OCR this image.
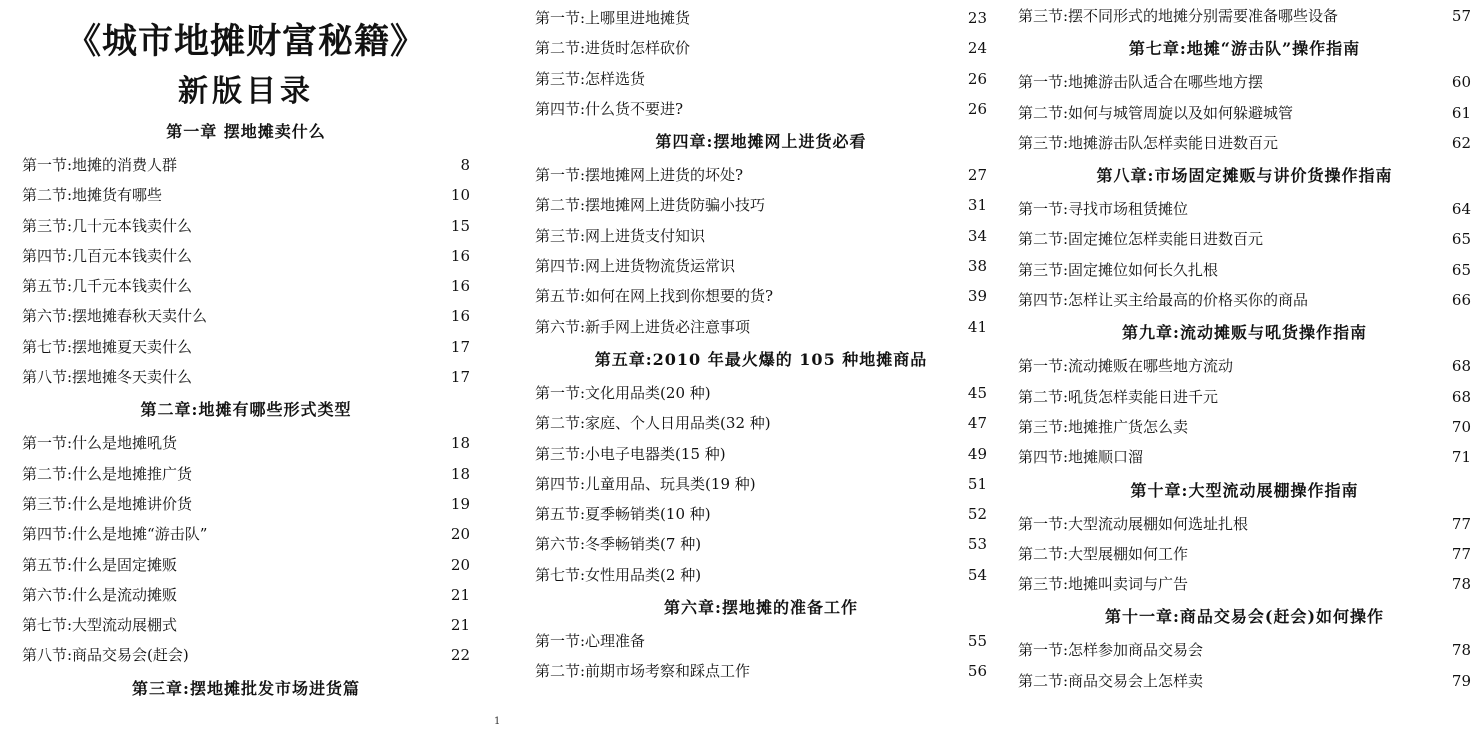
《城市地摊财富秘籍》
新版目录
第一章 摆地摊卖什么
第一节:地摊的消费人群	8
第二节:地摊货有哪些	10
第三节:几十元本钱卖什么	15
第四节:几百元本钱卖什么	16
第五节:几千元本钱卖什么	16
第六节:摆地摊春秋天卖什么	16
第七节:摆地摊夏天卖什么	17
第八节:摆地摊冬天卖什么	17
第二章:地摊有哪些形式类型
第一节:什么是地摊吼货	18
第二节:什么是地摊推广货	18
第三节:什么是地摊讲价货	19
第四节:什么是地摊“游击队”	20
第五节:什么是固定摊贩	20
第六节:什么是流动摊贩	21
第七节:大型流动展棚式	21
第八节:商品交易会(赶会)	22
第三章:摆地摊批发市场进货篇
第一节:上哪里进地摊货	23
第二节:进货时怎样砍价	24
第三节:怎样选货	26
第四节:什么货不要进?	26
第四章:摆地摊网上进货必看
第一节:摆地摊网上进货的坏处?	27
第二节:摆地摊网上进货防骗小技巧	31
第三节:网上进货支付知识	34
第四节:网上进货物流货运常识	38
第五节:如何在网上找到你想要的货?	39
第六节:新手网上进货必注意事项	41
第五章:2010 年最火爆的 105 种地摊商品
第一节:文化用品类(20 种)	45
第二节:家庭、个人日用品类(32 种)	47
第三节:小电子电器类(15 种)	49
第四节:儿童用品、玩具类(19 种)	51
第五节:夏季畅销类(10 种)	52
第六节:冬季畅销类(7 种)	53
第七节:女性用品类(2 种)	54
第六章:摆地摊的准备工作
第一节:心理准备	55
第二节:前期市场考察和踩点工作	56
第三节:摆不同形式的地摊分别需要准备哪些设备	57
第七章:地摊“游击队”操作指南
第一节:地摊游击队适合在哪些地方摆	60
第二节:如何与城管周旋以及如何躲避城管	61
第三节:地摊游击队怎样卖能日进数百元	62
第八章:市场固定摊贩与讲价货操作指南
第一节:寻找市场租赁摊位	64
第二节:固定摊位怎样卖能日进数百元	65
第三节:固定摊位如何长久扎根	65
第四节:怎样让买主给最高的价格买你的商品	66
第九章:流动摊贩与吼货操作指南
第一节:流动摊贩在哪些地方流动	68
第二节:吼货怎样卖能日进千元	68
第三节:地摊推广货怎么卖	70
第四节:地摊顺口溜	71
第十章:大型流动展棚操作指南
第一节:大型流动展棚如何选址扎根	77
第二节:大型展棚如何工作	77
第三节:地摊叫卖词与广告	78
第十一章:商品交易会(赶会)如何操作
第一节:怎样参加商品交易会	78
第二节:商品交易会上怎样卖	79
1
